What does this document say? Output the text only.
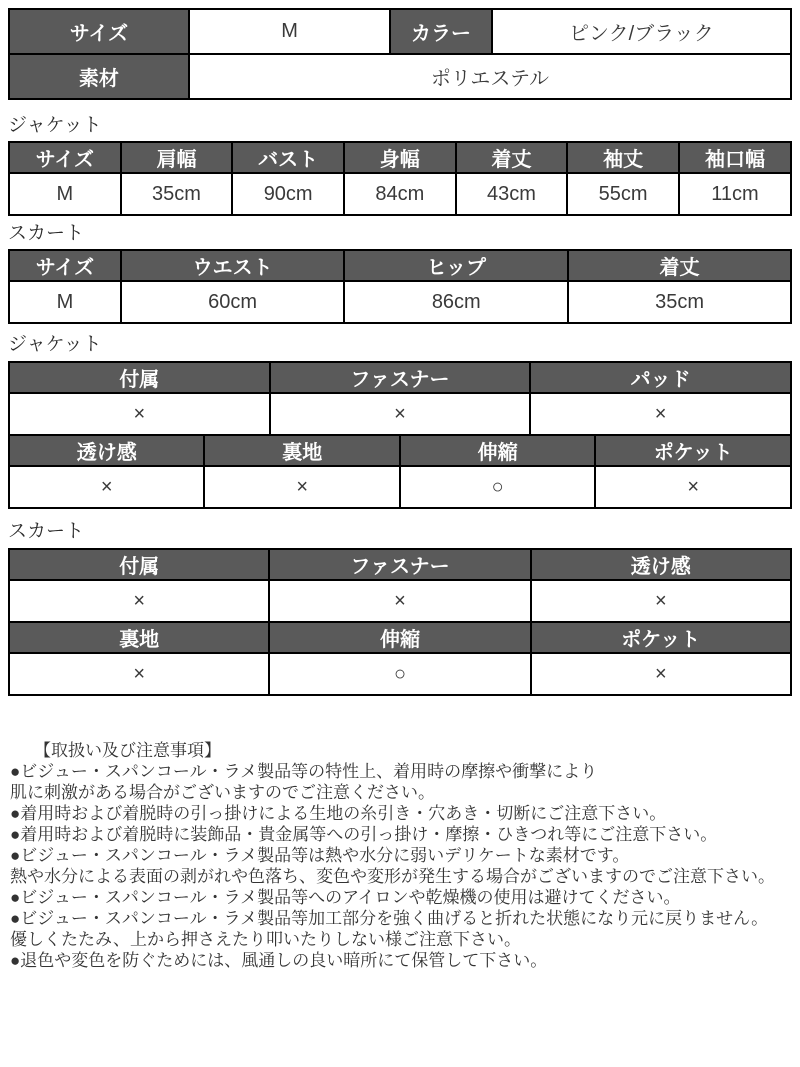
サイズ	M	カラー	ピンク/ブラック
素材	ポリエステル		
ジャケット
サイズ	肩幅	バスト	身幅	着丈	袖丈	袖口幅
M	35cm	90cm	84cm	43cm	55cm	11cm
スカート
サイズ	ウエスト	ヒップ	着丈
M	60cm	86cm	35cm
ジャケット
付属		ファスナー		パッド	
×		×		×	
透け感	裏地		伸縮		ポケット
×	×		○		×
スカート
付属	ファスナー	透け感
×	×	×
裏地	伸縮	ポケット
×	○	×
【取扱い及び注意事項】
●ビジュー・スパンコール・ラメ製品等の特性上、着用時の摩擦や衝撃により
肌に刺激がある場合がございますのでご注意ください。
●着用時および着脱時の引っ掛けによる生地の糸引き・穴あき・切断にご注意下さい。
●着用時および着脱時に装飾品・貴金属等への引っ掛け・摩擦・ひきつれ等にご注意下さい。
●ビジュー・スパンコール・ラメ製品等は熱や水分に弱いデリケートな素材です。
熱や水分による表面の剥がれや色落ち、変色や変形が発生する場合がございますのでご注意下さい。
●ビジュー・スパンコール・ラメ製品等へのアイロンや乾燥機の使用は避けてください。
●ビジュー・スパンコール・ラメ製品等加工部分を強く曲げると折れた状態になり元に戻りません。
優しくたたみ、上から押さえたり叩いたりしない様ご注意下さい。
●退色や変色を防ぐためには、風通しの良い暗所にて保管して下さい。
